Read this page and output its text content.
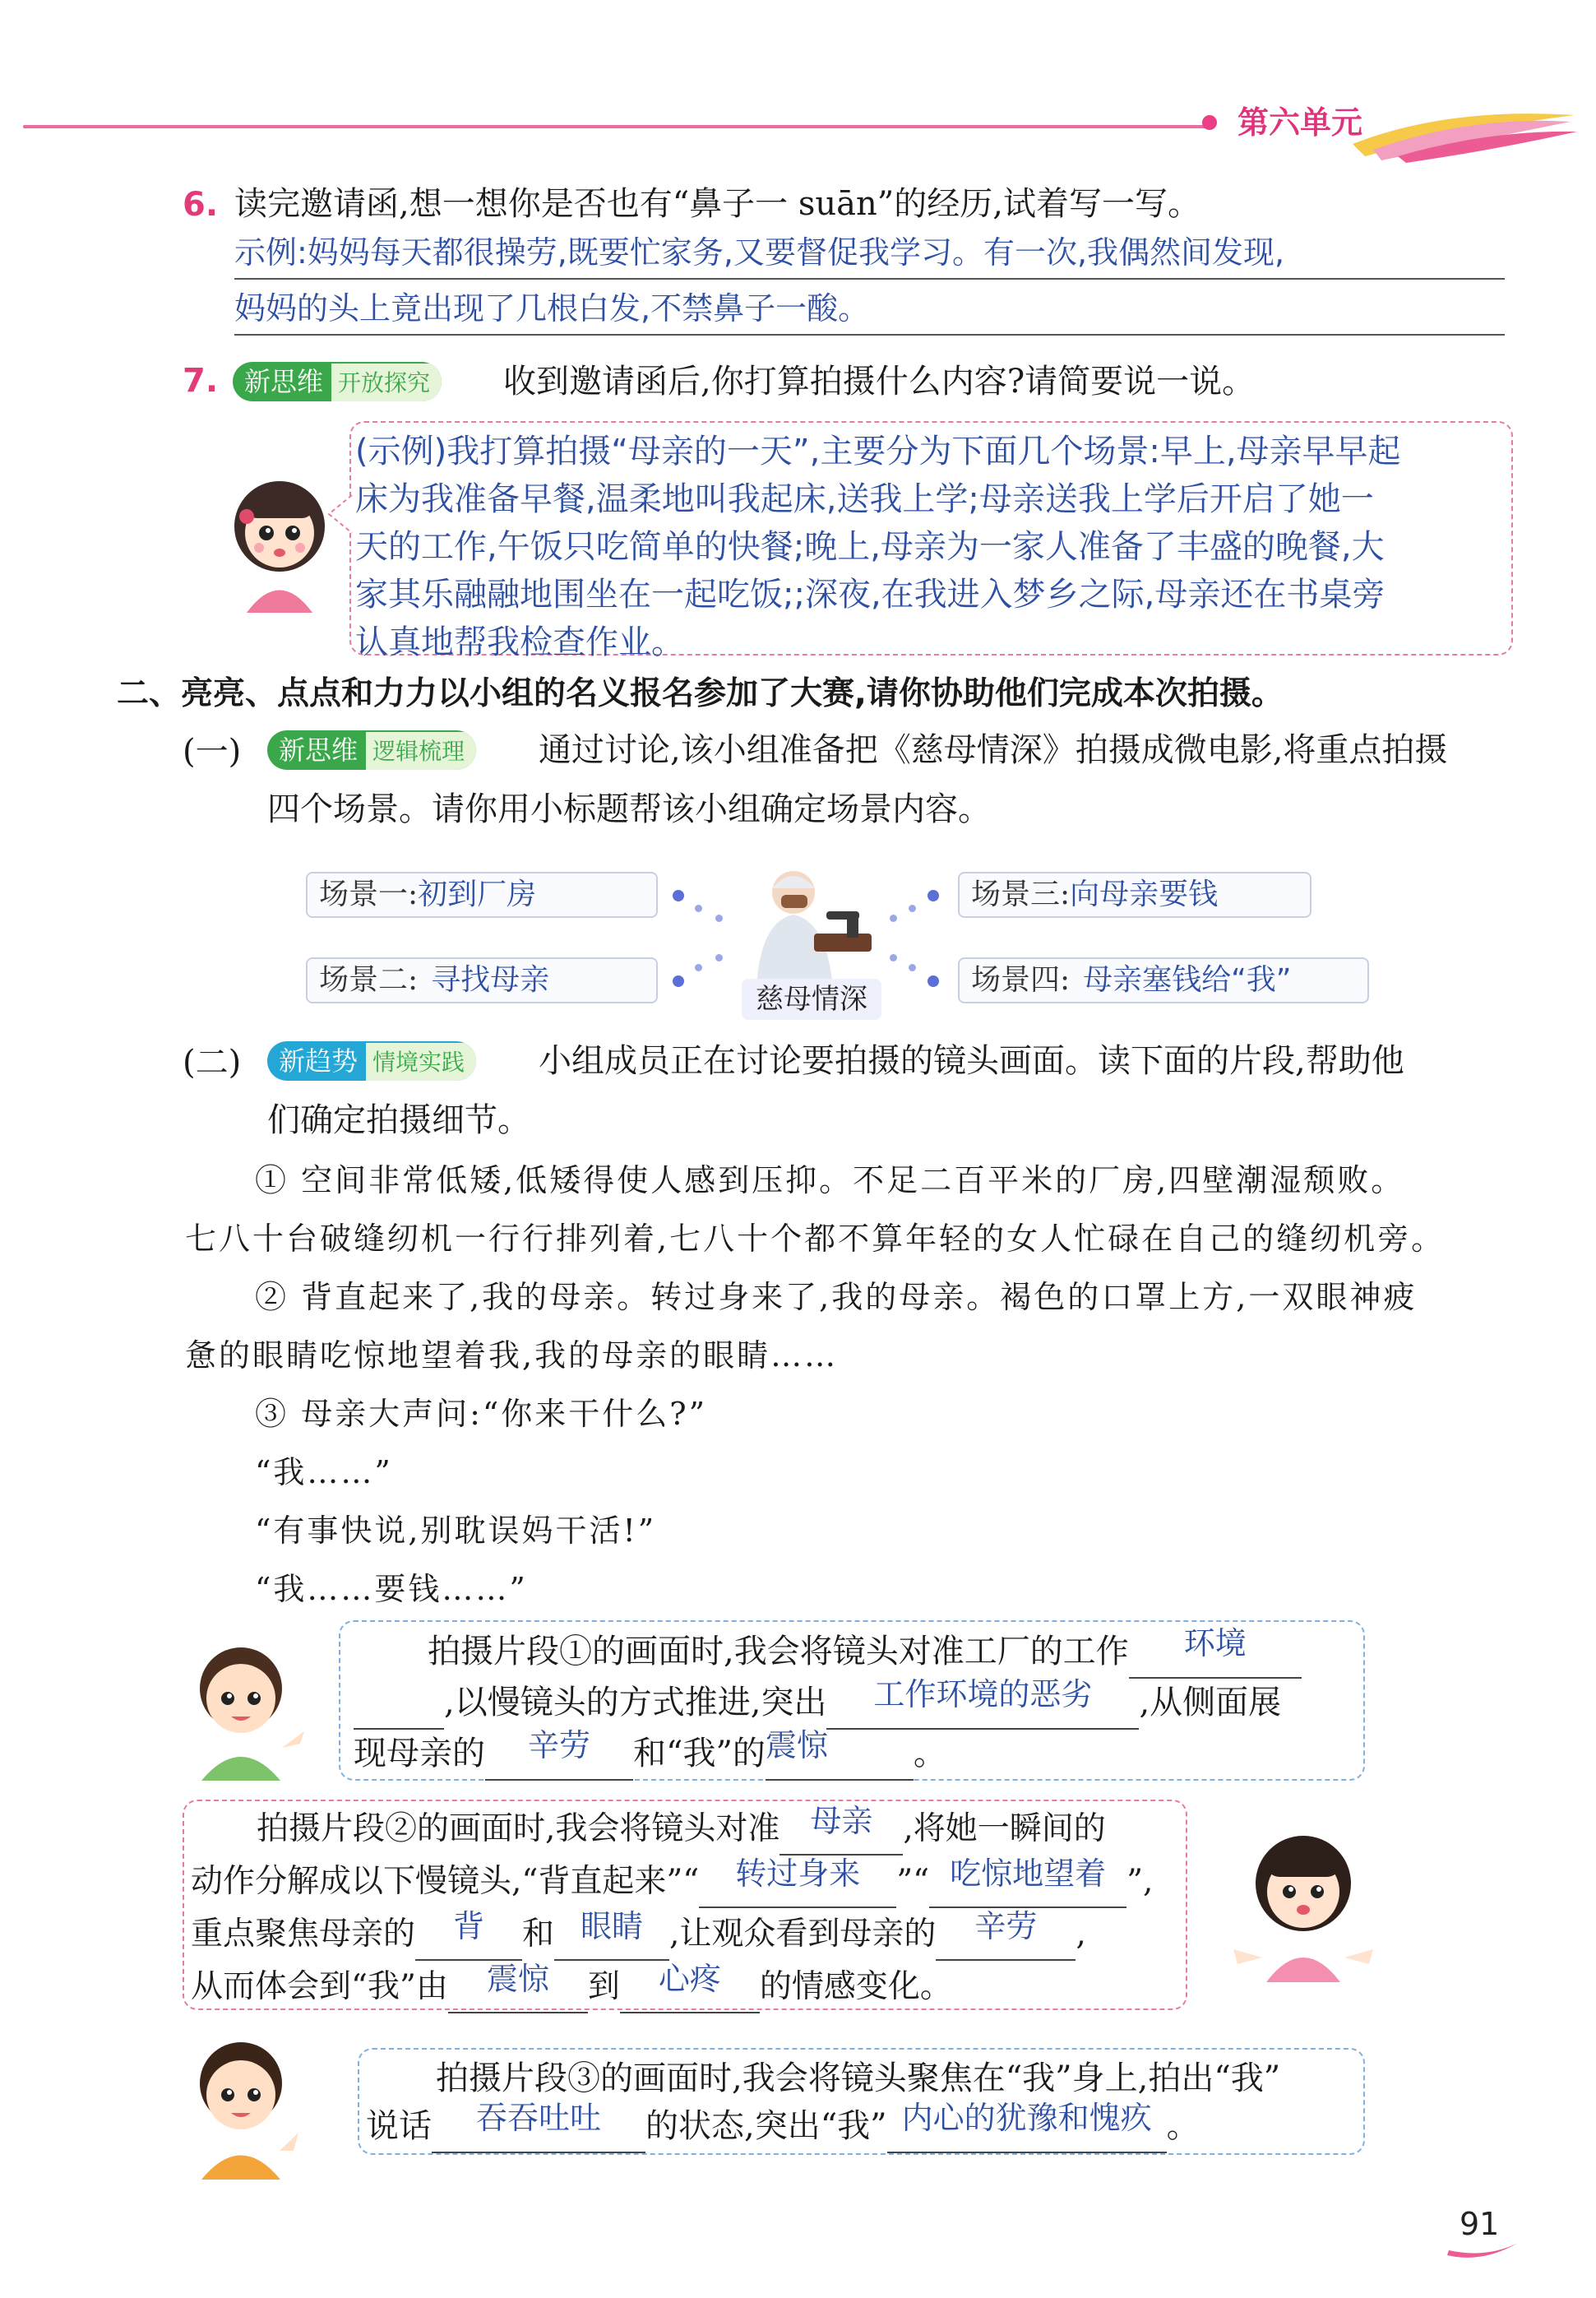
第六单元
6. 读完邀请函,想一想你是否也有“鼻子一 suān”的经历,试着写一写。
示例:妈妈每天都很操劳,既要忙家务,又要督促我学习。有一次,我偶然间发现,
妈妈的头上竟出现了几根白发,不禁鼻子一酸。
7. 新思维 开放探究	收到邀请函后,你打算拍摄什么内容?请简要说一说。
(示例)我打算拍摄“母亲的一天”,主要分为下面几个场景:早上,母亲早早起
床为我准备早餐,温柔地叫我起床,送我上学;母亲送我上学后开启了她一
天的工作,午饭只吃简单的快餐;晚上,母亲为一家人准备了丰盛的晚餐,大
家其乐融融地围坐在一起吃饭;;深夜,在我进入梦乡之际,母亲还在书桌旁
认真地帮我检查作业。
二、亮亮、点点和力力以小组的名义报名参加了大赛,请你协助他们完成本次拍摄。
(一)	新思维 逻辑梳理	通过讨论,该小组准备把《慈母情深》拍摄成微电影,将重点拍摄
四个场景。请你用小标题帮该小组确定场景内容。
场景一:初到厂房
场景二: 寻找母亲
场景三:向母亲要钱
场景四: 母亲塞钱给“我”
慈母情深
(二)	新趋势 情境实践	小组成员正在讨论要拍摄的镜头画面。读下面的片段,帮助他
们确定拍摄细节。
① 空间非常低矮,低矮得使人感到压抑。不足二百平米的厂房,四壁潮湿颓败。
七八十台破缝纫机一行行排列着,七八十个都不算年轻的女人忙碌在自己的缝纫机旁。
② 背直起来了,我的母亲。转过身来了,我的母亲。褐色的口罩上方,一双眼神疲
惫的眼睛吃惊地望着我,我的母亲的眼睛……
③ 母亲大声问:“你来干什么?”
“我……”
“有事快说,别耽误妈干活!”
“我……要钱……”
拍摄片段①的画面时,我会将镜头对准工厂的工作	环境
,以慢镜头的方式推进,突出	工作环境的恶劣	,从侧面展
现母亲的	辛劳	和“我”的 震惊	。
拍摄片段②的画面时,我会将镜头对准 母亲 ,将她一瞬间的
动作分解成以下慢镜头,“背直起来”“	转过身来	”“ 吃惊地望着 ”,
重点聚焦母亲的	背	和 眼睛 ,让观众看到母亲的	辛劳	,
从而体会到“我”由	震惊	到	心疼	的情感变化。
拍摄片段③的画面时,我会将镜头聚焦在“我”身上,拍出“我”
说话	吞吞吐吐	的状态,突出“我” 内心的犹豫和愧疚 。
91
